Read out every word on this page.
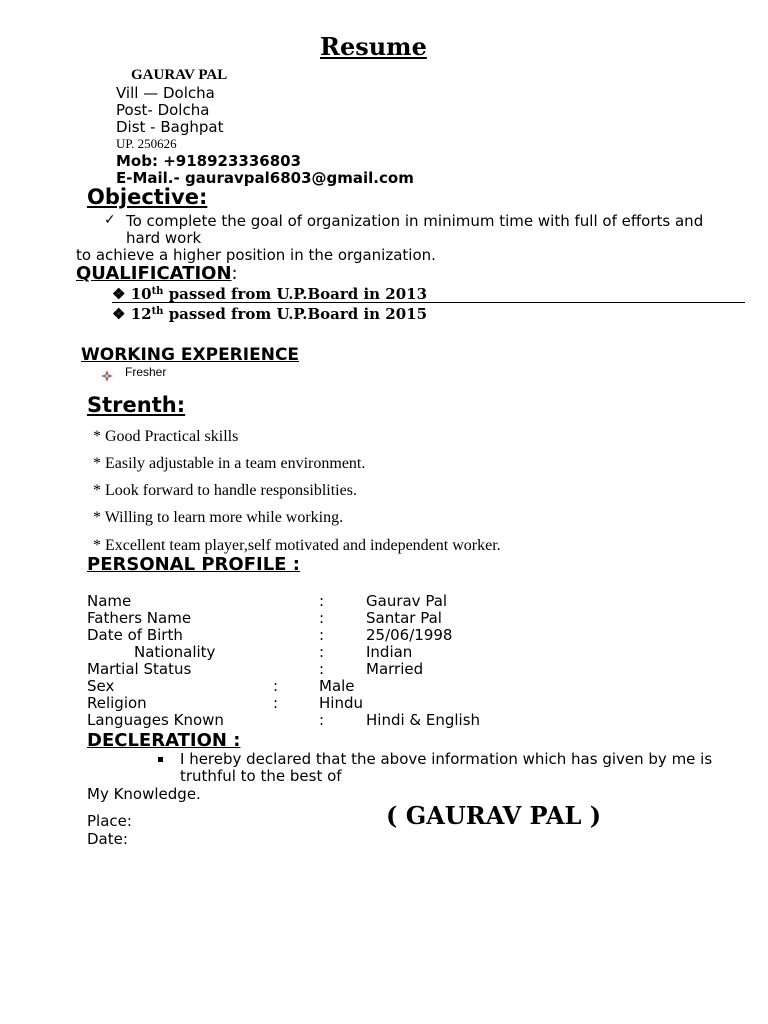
Resume
GAURAV PAL
Vill — Dolcha
Post- Dolcha
Dist - Baghpat
UP. 250626
Mob: +918923336803
E-Mail.- gauravpal6803@gmail.com
Objective:
✓ To complete the goal of organization in minimum time with full of efforts and
hard work
to achieve a higher position in the organization.
QUALIFICATION:
❖ 10th passed from U.P.Board in 2013
❖ 12th passed from U.P.Board in 2015
WORKING EXPERIENCE
Fresher
Strenth:
* Good Practical skills
* Easily adjustable in a team environment.
* Look forward to handle responsiblities.
* Willing to learn more while working.
* Excellent team player,self motivated and independent worker.
PERSONAL PROFILE :
Name	:	Gaurav Pal
Fathers Name	:	Santar Pal
Date of Birth	:	25/06/1998
Nationality	:	Indian
Martial Status	:	Married
Sex	:	Male
Religion	:	Hindu
Languages Known	:	Hindi & English
DECLERATION :
I hereby declared that the above information which has given by me is
truthful to the best of
My Knowledge.
Place:
Date:
( GAURAV PAL )
